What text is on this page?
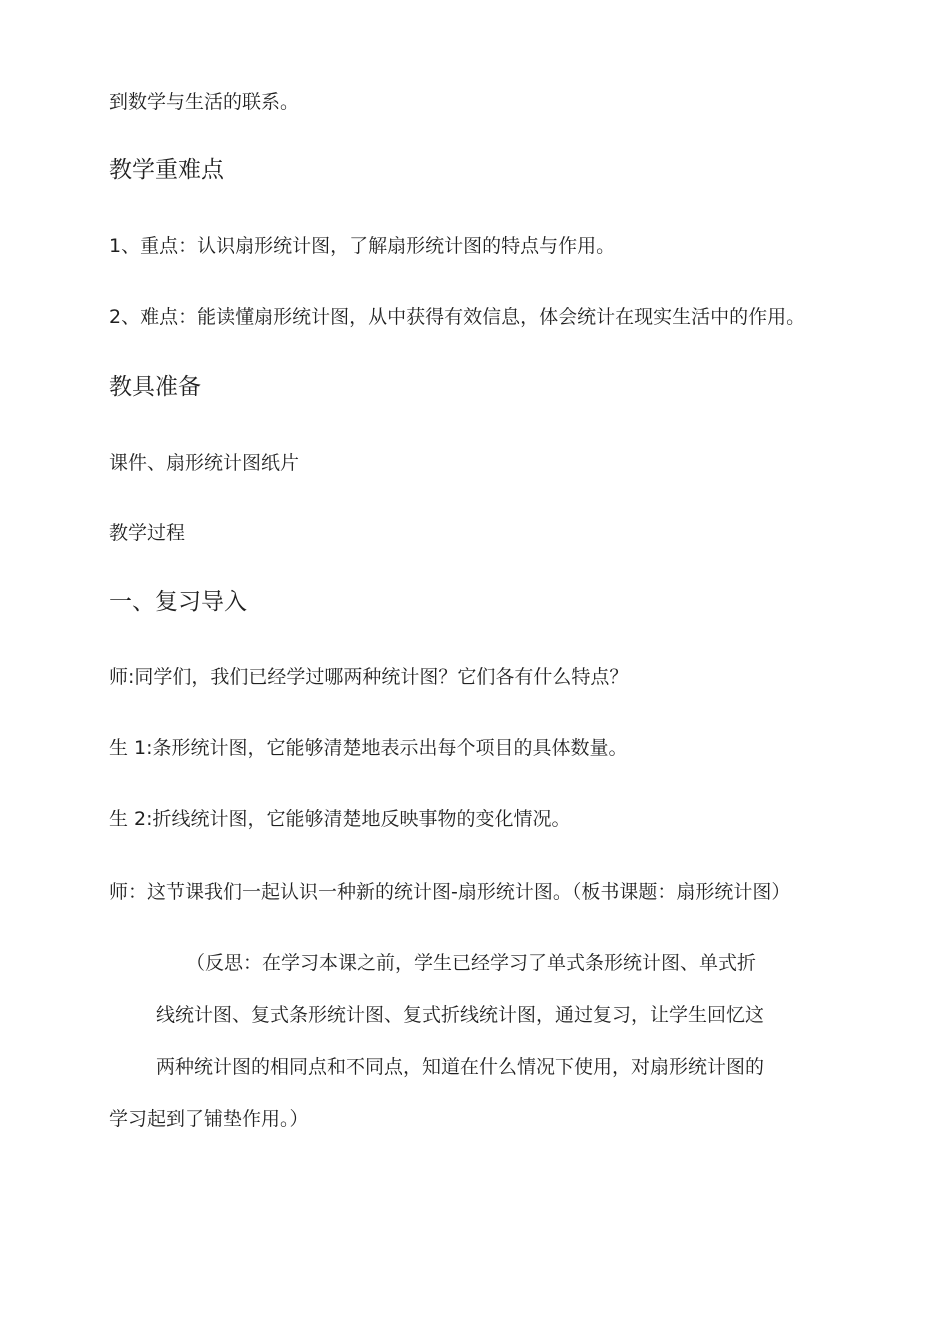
到数学与生活的联系。
教学重难点
1、重点：认识扇形统计图，了解扇形统计图的特点与作用。
2、难点：能读懂扇形统计图，从中获得有效信息，体会统计在现实生活中的作用。
教具准备
课件、扇形统计图纸片
教学过程
一、复习导入
师:同学们，我们已经学过哪两种统计图？它们各有什么特点？
生 1:条形统计图，它能够清楚地表示出每个项目的具体数量。
生 2:折线统计图，它能够清楚地反映事物的变化情况。
师：这节课我们一起认识一种新的统计图-扇形统计图。（板书课题：扇形统计图）
（反思：在学习本课之前，学生已经学习了单式条形统计图、单式折
线统计图、复式条形统计图、复式折线统计图，通过复习，让学生回忆这
两种统计图的相同点和不同点，知道在什么情况下使用，对扇形统计图的
学习起到了铺垫作用。）
